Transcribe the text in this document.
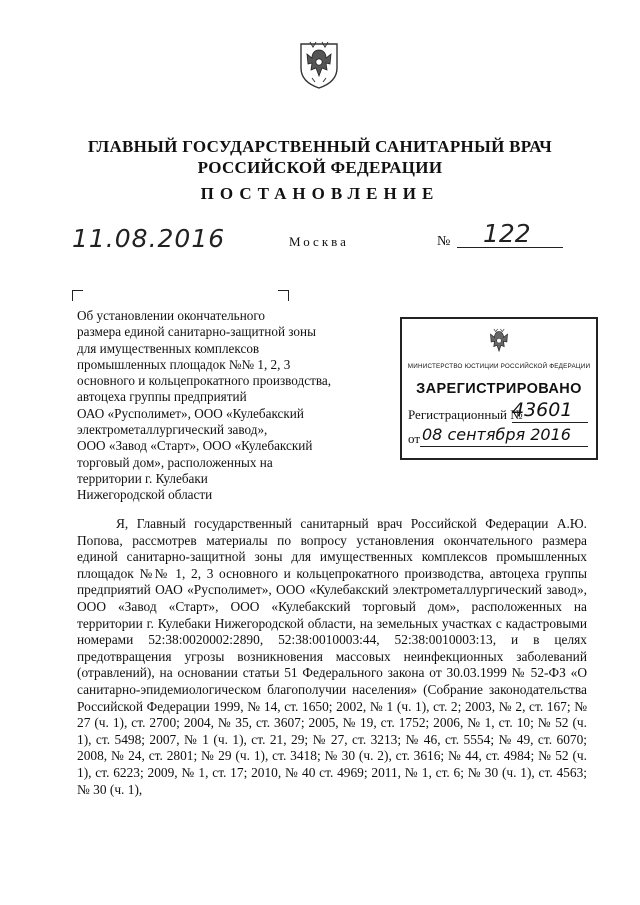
ГЛАВНЫЙ ГОСУДАРСТВЕННЫЙ САНИТАРНЫЙ ВРАЧ
РОССИЙСКОЙ ФЕДЕРАЦИИ
ПОСТАНОВЛЕНИЕ
11.08.2016	Москва	№ 122
Об установлении окончательного
размера единой санитарно-защитной зоны
для имущественных комплексов
промышленных площадок №№ 1, 2, 3
основного и кольцепрокатного производства,
автоцеха группы предприятий
ОАО «Русполимет», ООО «Кулебакский
электрометаллургический завод»,
ООО «Завод «Старт», ООО «Кулебакский
торговый дом», расположенных на
территории г. Кулебаки
Нижегородской области
МИНИСТЕРСТВО ЮСТИЦИИ РОССИЙСКОЙ ФЕДЕРАЦИИ
ЗАРЕГИСТРИРОВАНО
Регистрационный №
43601
от 08 сентября 2016

Я, Главный государственный санитарный врач Российской Федерации А.Ю. Попова, рассмотрев материалы по вопросу установления окончательного размера единой санитарно-защитной зоны для имущественных комплексов промышленных площадок №№ 1, 2, 3 основного и кольцепрокатного производства, автоцеха группы предприятий ОАО «Русполимет», ООО «Кулебакский электрометаллургический завод», ООО «Завод «Старт», ООО «Кулебакский торговый дом», расположенных на территории г. Кулебаки Нижегородской области, на земельных участках с кадастровыми номерами 52:38:0020002:2890, 52:38:0010003:44, 52:38:0010003:13, и в целях предотвращения угрозы возникновения массовых неинфекционных заболеваний (отравлений), на основании статьи 51 Федерального закона от 30.03.1999 № 52-ФЗ «О санитарно-эпидемиологическом благополучии населения» (Собрание законодательства Российской Федерации 1999, № 14, ст. 1650; 2002, № 1 (ч. 1), ст. 2; 2003, № 2, ст. 167; № 27 (ч. 1), ст. 2700; 2004, № 35, ст. 3607; 2005, № 19, ст. 1752; 2006, № 1, ст. 10; № 52 (ч. 1), ст. 5498; 2007, № 1 (ч. 1), ст. 21, 29; № 27, ст. 3213; № 46, ст. 5554; № 49, ст. 6070; 2008, № 24, ст. 2801; № 29 (ч. 1), ст. 3418; № 30 (ч. 2), ст. 3616; № 44, ст. 4984; № 52 (ч. 1), ст. 6223; 2009, № 1, ст. 17; 2010, № 40 ст. 4969; 2011, № 1, ст. 6; № 30 (ч. 1), ст. 4563; № 30 (ч. 1),
